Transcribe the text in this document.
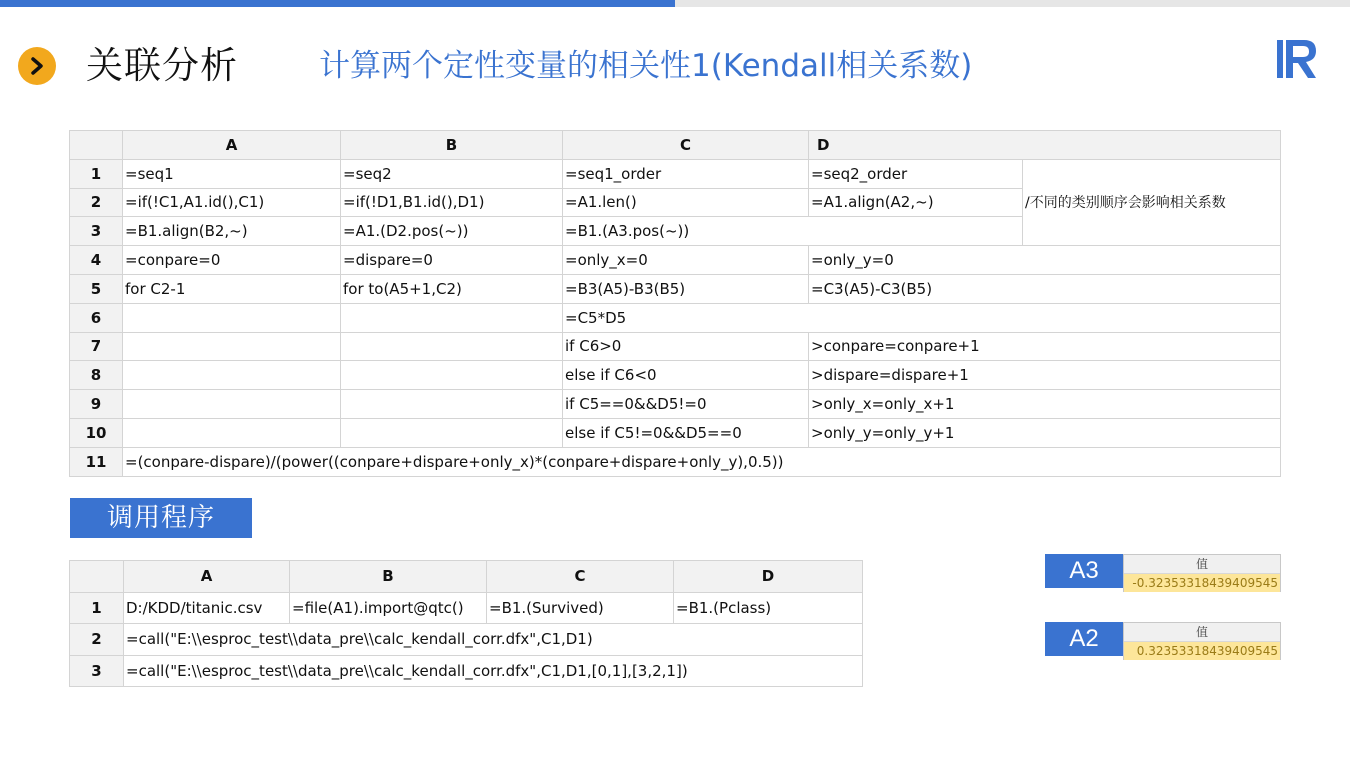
关联分析	计算两个定性变量的相关性1(Kendall相关系数)
	A	B	C	D	
1	=seq1	=seq2	=seq1_order	=seq2_order	/不同的类别顺序会影响相关系数
2	=if(!C1,A1.id(),C1)	=if(!D1,B1.id(),D1)	=A1.len()	=A1.align(A2,~)	
3	=B1.align(B2,~)	=A1.(D2.pos(~))	=B1.(A3.pos(~))		
4	=conpare=0	=dispare=0	=only_x=0	=only_y=0	
5	for C2-1	for to(A5+1,C2)	=B3(A5)-B3(B5)	=C3(A5)-C3(B5)	
6			=C5*D5		
7			if C6>0	>conpare=conpare+1	
8			else if C6<0	>dispare=dispare+1	
9			if C5==0&&D5!=0	>only_x=only_x+1	
10			else if C5!=0&&D5==0	>only_y=only_y+1	
11	=(conpare-dispare)/(power((conpare+dispare+only_x)*(conpare+dispare+only_y),0.5))				
调用程序
	A	B	C	D
1	D:/KDD/titanic.csv	=file(A1).import@qtc()	=B1.(Survived)	=B1.(Pclass)
2	=call("E:\\esproc_test\\data_pre\\calc_kendall_corr.dfx",C1,D1)			
3	=call("E:\\esproc_test\\data_pre\\calc_kendall_corr.dfx",C1,D1,[0,1],[3,2,1])			
A3	值
-0.32353318439409545
A2	值
0.32353318439409545
